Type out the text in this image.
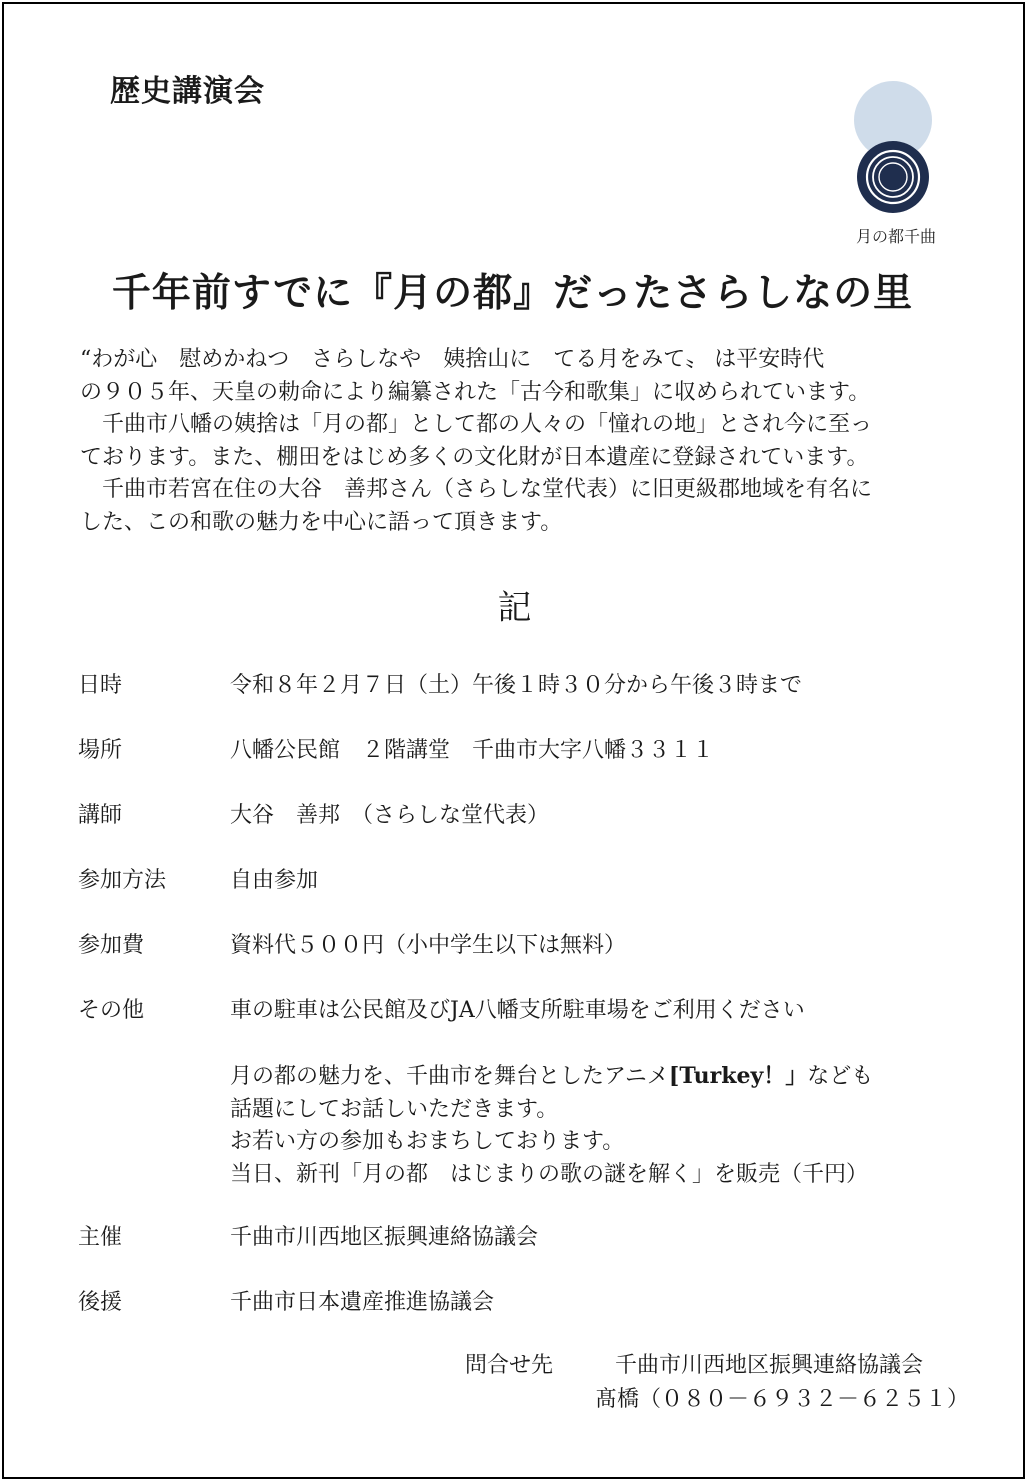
歴史講演会
月の都千曲
千年前すでに『月の都』だったさらしなの里

“わが心　慰めかねつ　さらしなや　姨捨山に　てる月をみて〟 は平安時代

の９０５年、天皇の勅命により編纂された「古今和歌集」に収められています。

　千曲市八幡の姨捨は「月の都」として都の人々の「憧れの地」とされ今に至っ

ております。また、棚田をはじめ多くの文化財が日本遺産に登録されています。

　千曲市若宮在住の大谷　善邦さん（さらしな堂代表）に旧更級郡地域を有名に

した、この和歌の魅力を中心に語って頂きます。

記
日時	令和８年２月７日（土）午後１時３０分から午後３時まで
場所	八幡公民館　２階講堂　千曲市大字八幡３３１１
講師	大谷　善邦　（さらしな堂代表）
参加方法	自由参加
参加費	資料代５００円（小中学生以下は無料）
その他	車の駐車は公民館及びJA八幡支所駐車場をご利用ください
月の都の魅力を、千曲市を舞台としたアニメ[Turkey！」なども
話題にしてお話しいただきます。
お若い方の参加もおまちしております。
当日、新刊「月の都　はじまりの歌の謎を解く」を販売（千円）
主催	千曲市川西地区振興連絡協議会
後援	千曲市日本遺産推進協議会
問合せ先	千曲市川西地区振興連絡協議会
髙橋（０８０－６９３２－６２５１）
